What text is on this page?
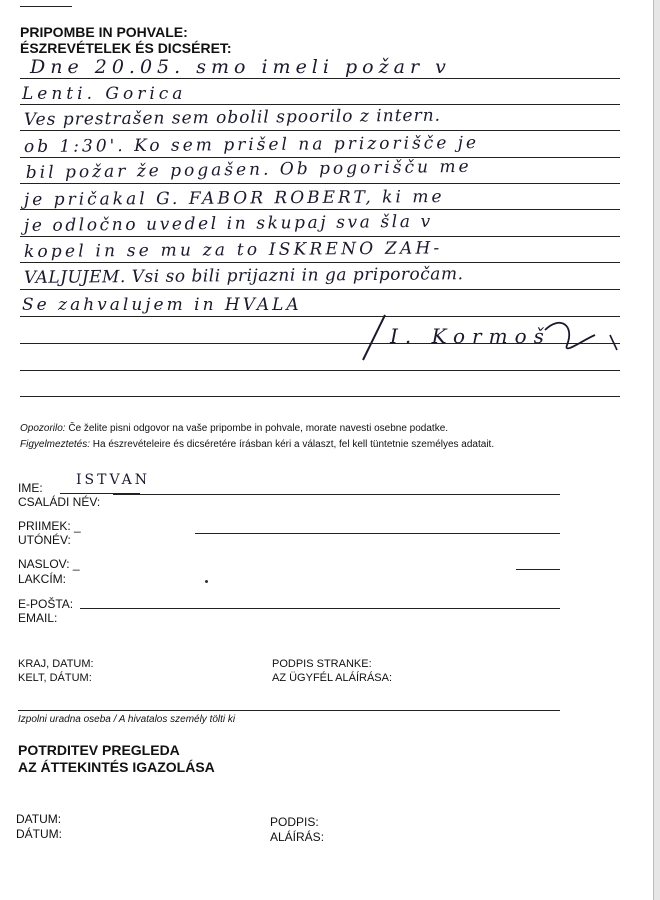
PRIPOMBE IN POHVALE:
ÉSZREVÉTELEK ÉS DICSÉRET:
Dne 20.05. smo imeli požar v
Lenti. Gorica
Ves prestrašen sem obolil spoorilo z intern.
ob 1:30'. Ko sem prišel na prizorišče je
bil požar že pogašen. Ob pogorišču me
je pričakal G. FABOR ROBERT, ki me
je odločno uvedel in skupaj sva šla v
kopel in se mu za to ISKRENO ZAH-
VALJUJEM. Vsi so bili prijazni in ga priporočam.
Se zahvalujem in HVALA
I. Kormoš
Opozorilo: Če želite pisni odgovor na vaše pripombe in pohvale, morate navesti osebne podatke.
Figyelmeztetés: Ha észrevételeire és dicséretére írásban kéri a választ, fel kell tüntetnie személyes adatait.
IME: ISTVAN
CSALÁDI NÉV:
PRIIMEK: _
UTÓNÉV:
NASLOV: _
LAKCÍM:
E-POŠTA:
EMAIL:
KRAJ, DATUM:
KELT, DÁTUM:
PODPIS STRANKE:
AZ ÜGYFÉL ALÁÍRÁSA:
Izpolni uradna oseba / A hivatalos személy tölti ki
POTRDITEV PREGLEDA
AZ ÁTTEKINTÉS IGAZOLÁSA
DATUM:
DÁTUM:
PODPIS:
ALÁÍRÁS:
